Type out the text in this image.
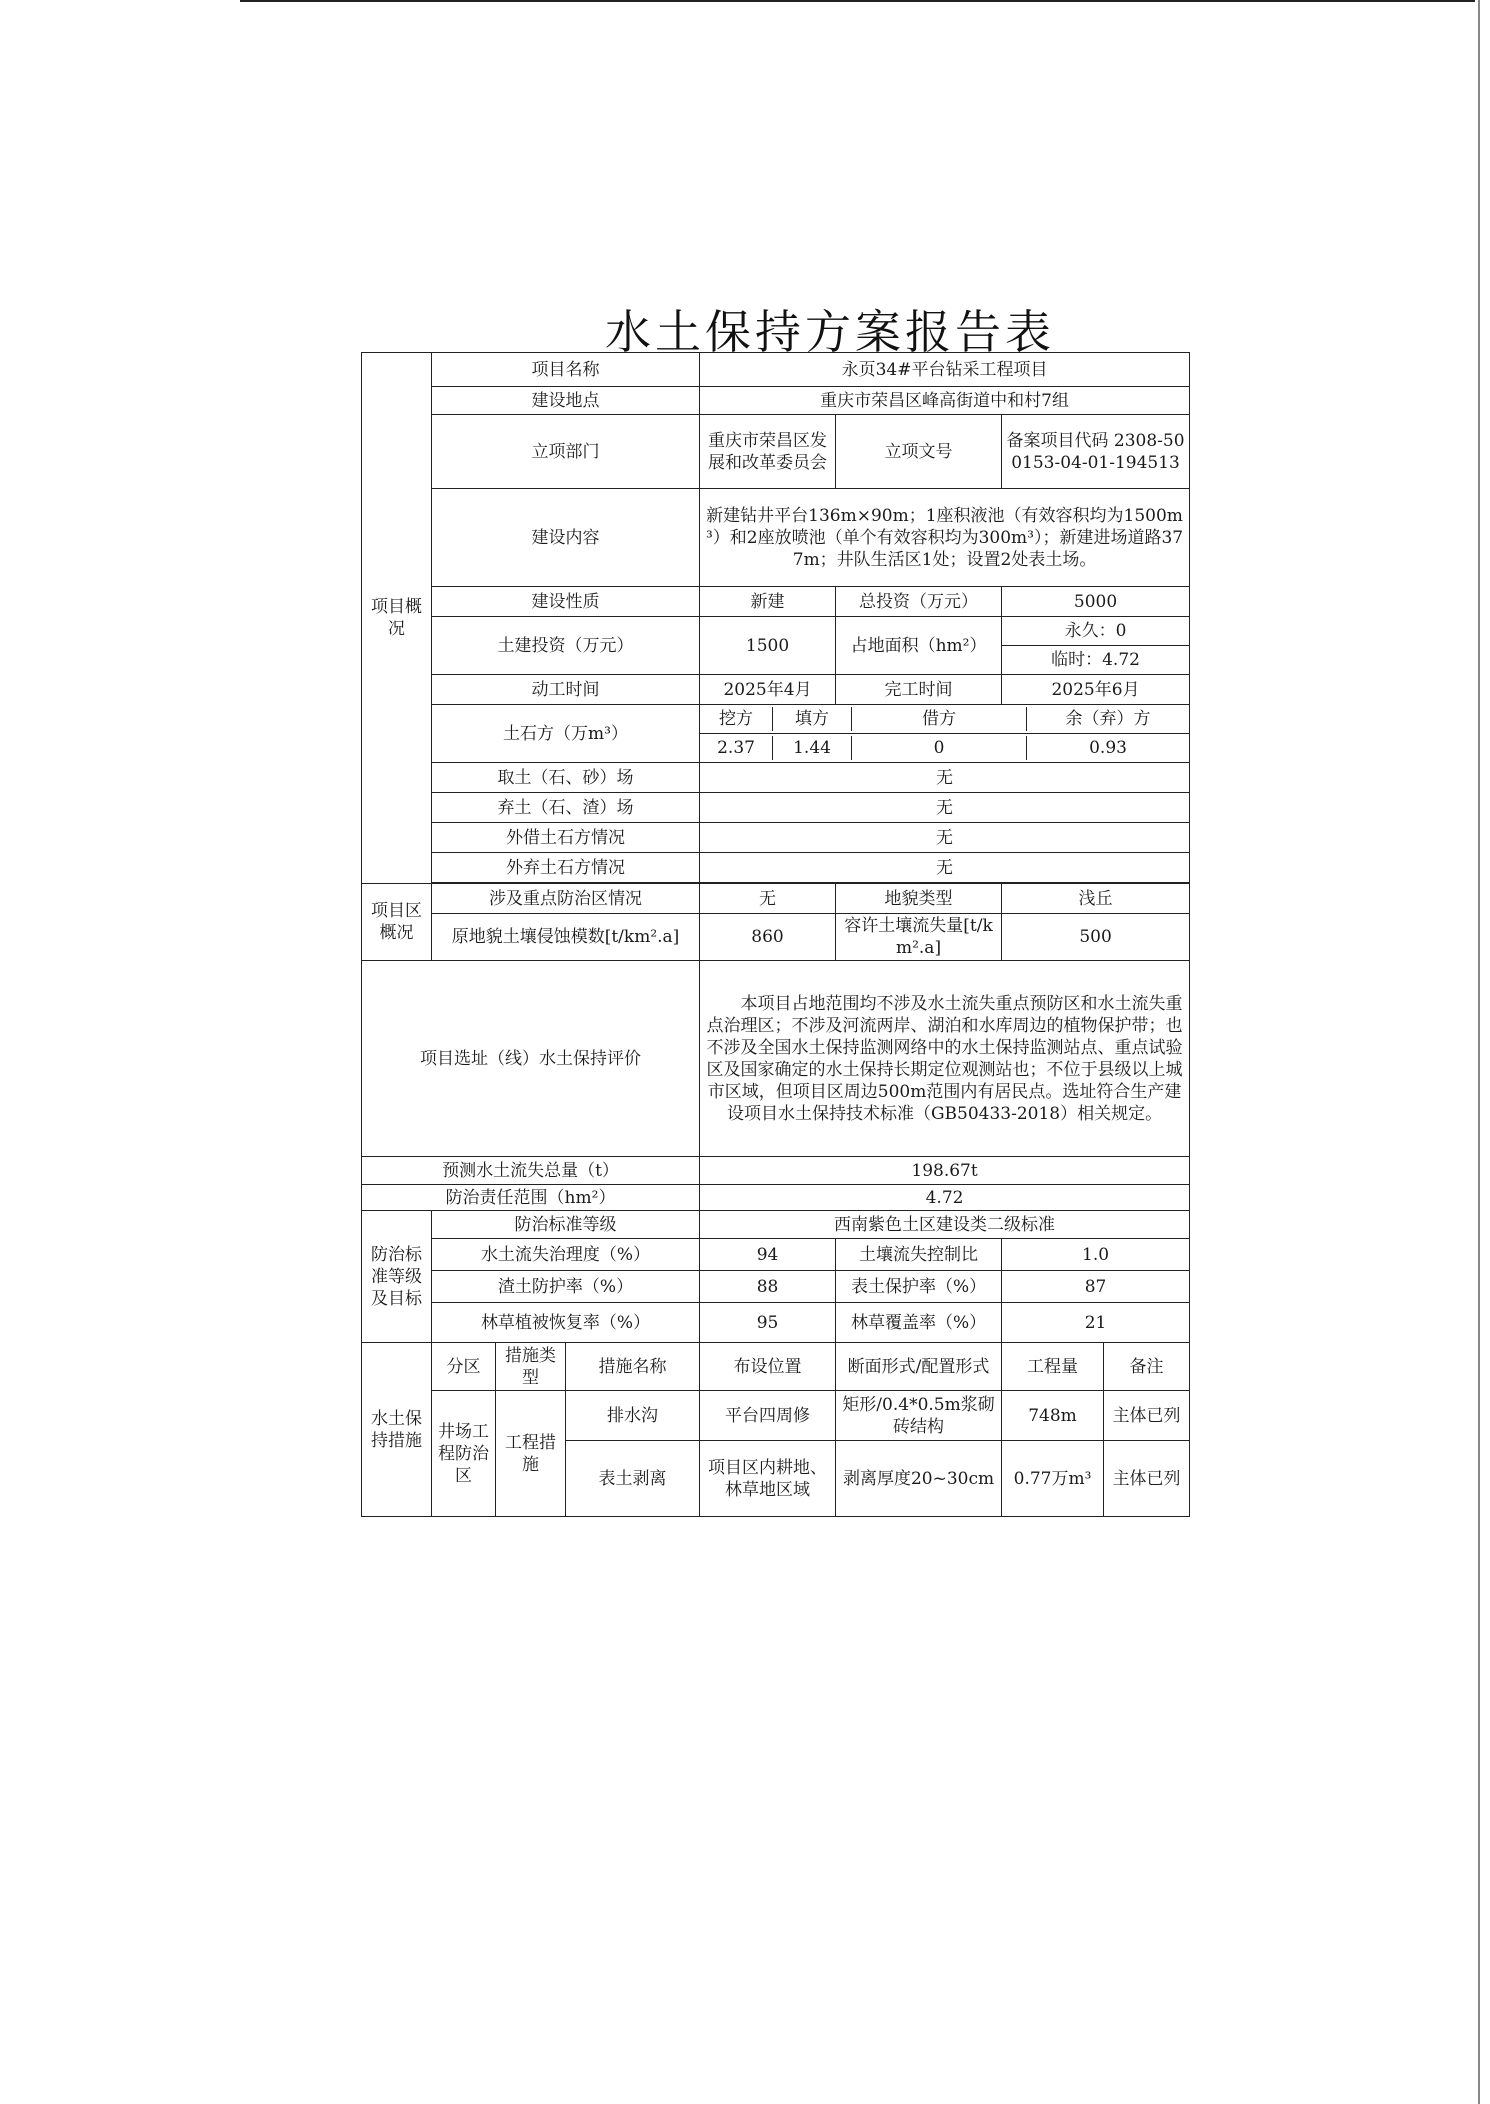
水土保持方案报告表
项目概况	项目名称	永页34#平台钻采工程项目
建设地点	重庆市荣昌区峰高街道中和村7组
立项部门	重庆市荣昌区发展和改革委员会	立项文号	备案项目代码 2308-500153-04-01-194513
建设内容	新建钻井平台136m×90m；1座积液池（有效容积均为1500m³）和2座放喷池（单个有效容积均为300m³）；新建进场道路377m；井队生活区1处；设置2处表土场。
建设性质	新建	总投资（万元）	5000
土建投资（万元）	1500	占地面积（hm²）	永久：0
临时：4.72
动工时间	2025年4月	完工时间	2025年6月
土石方（万m³）	
挖方	填方	借方	余（弃）方

2.37	1.44	0	0.93

取土（石、砂）场	无
弃土（石、渣）场	无
外借土石方情况	无
外弃土石方情况	无

项目区概况	涉及重点防治区情况	无	地貌类型	浅丘
原地貌土壤侵蚀模数[t/km².a]	860	容许土壤流失量[t/km².a]	500
项目选址（线）水土保持评价	本项目占地范围均不涉及水土流失重点预防区和水土流失重点治理区；不涉及河流两岸、湖泊和水库周边的植物保护带；也不涉及全国水土保持监测网络中的水土保持监测站点、重点试验区及国家确定的水土保持长期定位观测站也；不位于县级以上城市区域，但项目区周边500m范围内有居民点。选址符合生产建设项目水土保持技术标准（GB50433-2018）相关规定。
预测水土流失总量（t）	198.67t
防治责任范围（hm²）	4.72
防治标准等级及目标	防治标准等级	西南紫色土区建设类二级标准
水土流失治理度（%）	94	土壤流失控制比	1.0
渣土防护率（%）	88	表土保护率（%）	87
林草植被恢复率（%）	95	林草覆盖率（%）	21
水土保持措施	分区	措施类型	措施名称	布设位置	断面形式/配置形式	工程量	备注
井场工程防治区	工程措施	排水沟	平台四周修	矩形/0.4*0.5m浆砌砖结构	748m	主体已列
表土剥离	项目区内耕地、林草地区域	剥离厚度20~30cm	0.77万m³	主体已列
